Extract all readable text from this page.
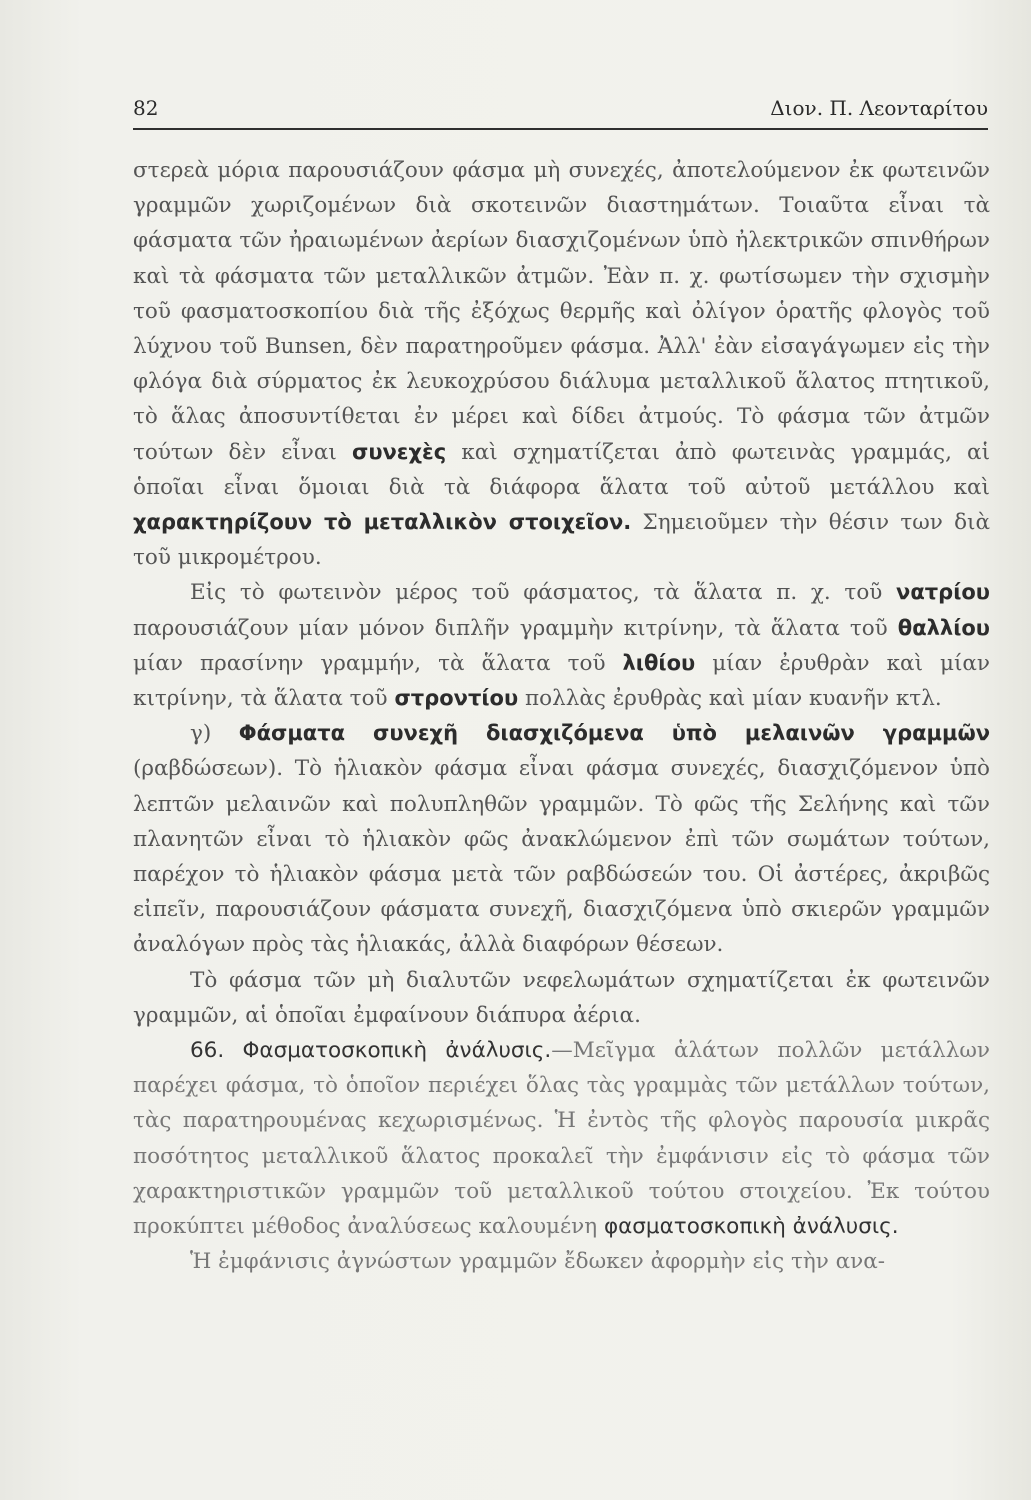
82	Διον. Π. Λεονταρίτου

στερεὰ μόρια παρουσιάζουν φάσμα μὴ συνεχές, ἀποτελούμενον ἐκ φωτεινῶν γραμμῶν χωριζομένων διὰ σκοτεινῶν διαστημάτων. Τοιαῦτα εἶναι τὰ φάσματα τῶν ἠραιωμένων ἀερίων διασχιζομένων ὑπὸ ἠλεκτρικῶν σπινθήρων καὶ τὰ φάσματα τῶν μεταλλικῶν ἀτμῶν. Ἐὰν π. χ. φωτίσωμεν τὴν σχισμὴν τοῦ φασματοσκοπίου διὰ τῆς ἐξόχως θερμῆς καὶ ὀλίγον ὁρατῆς φλογὸς τοῦ λύχνου τοῦ Bunsen, δὲν παρατηροῦμεν φάσμα. Ἀλλ' ἐὰν εἰσαγάγωμεν εἰς τὴν φλόγα διὰ σύρματος ἐκ λευκοχρύσου διάλυμα μεταλλικοῦ ἅλατος πτητικοῦ, τὸ ἅλας ἀποσυντίθεται ἐν μέρει καὶ δίδει ἀτμούς. Τὸ φάσμα τῶν ἀτμῶν τούτων δὲν εἶναι συνεχὲς καὶ σχηματίζεται ἀπὸ φωτεινὰς γραμμάς, αἱ ὁποῖαι εἶναι ὅμοιαι διὰ τὰ διάφορα ἅλατα τοῦ αὐτοῦ μετάλλου καὶ χαρακτηρίζουν τὸ μεταλλικὸν στοιχεῖον. Σημειοῦμεν τὴν θέσιν των διὰ τοῦ μικρομέτρου.

Εἰς τὸ φωτεινὸν μέρος τοῦ φάσματος, τὰ ἅλατα π. χ. τοῦ νατρίου παρουσιάζουν μίαν μόνον διπλῆν γραμμὴν κιτρίνην, τὰ ἅλατα τοῦ θαλλίου μίαν πρασίνην γραμμήν, τὰ ἅλατα τοῦ λιθίου μίαν ἐρυθρὰν καὶ μίαν κιτρίνην, τὰ ἅλατα τοῦ στροντίου πολλὰς ἐρυθρὰς καὶ μίαν κυανῆν κτλ.

γ) Φάσματα συνεχῆ διασχιζόμενα ὑπὸ μελαινῶν γραμμῶν (ραβδώσεων). Τὸ ἡλιακὸν φάσμα εἶναι φάσμα συνεχές, διασχιζόμενον ὑπὸ λεπτῶν μελαινῶν καὶ πολυπληθῶν γραμμῶν. Τὸ φῶς τῆς Σελήνης καὶ τῶν πλανητῶν εἶναι τὸ ἡλιακὸν φῶς ἀνακλώμενον ἐπὶ τῶν σωμάτων τούτων, παρέχον τὸ ἡλιακὸν φάσμα μετὰ τῶν ραβδώσεών του. Οἱ ἀστέρες, ἀκριβῶς εἰπεῖν, παρουσιάζουν φάσματα συνεχῆ, διασχιζόμενα ὑπὸ σκιερῶν γραμμῶν ἀναλόγων πρὸς τὰς ἡλιακάς, ἀλλὰ διαφόρων θέσεων.

Τὸ φάσμα τῶν μὴ διαλυτῶν νεφελωμάτων σχηματίζεται ἐκ φωτεινῶν γραμμῶν, αἱ ὁποῖαι ἐμφαίνουν διάπυρα ἀέρια.

66. Φασματοσκοπικὴ ἀνάλυσις.—Μεῖγμα ἁλάτων πολλῶν μετάλλων παρέχει φάσμα, τὸ ὁποῖον περιέχει ὅλας τὰς γραμμὰς τῶν μετάλλων τούτων, τὰς παρατηρουμένας κεχωρισμένως. Ἡ ἐντὸς τῆς φλογὸς παρουσία μικρᾶς ποσότητος μεταλλικοῦ ἅλατος προκαλεῖ τὴν ἐμφάνισιν εἰς τὸ φάσμα τῶν χαρακτηριστικῶν γραμμῶν τοῦ μεταλλικοῦ τούτου στοιχείου. Ἐκ τούτου προκύπτει μέθοδος ἀναλύσεως καλουμένη φασματοσκοπικὴ ἀνάλυσις.

Ἡ ἐμφάνισις ἀγνώστων γραμμῶν ἔδωκεν ἀφορμὴν εἰς τὴν ανα-
